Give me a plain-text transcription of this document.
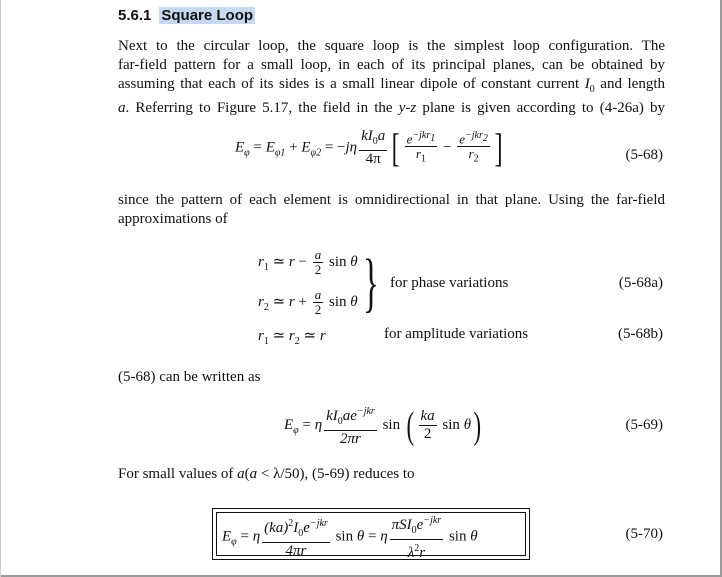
5.6.1 Square Loop
Next to the circular loop, the square loop is the simplest loop configuration. The
far-field pattern for a small loop, in each of its principal planes, can be obtained by
assuming that each of its sides is a small linear dipole of constant current $I_0$ and length
a. Referring to Figure 5.17, the field in the y-z plane is given according to (4-26a) by
$E_\varphi = E_{\varphi 1} + E_{\varphi 2} = -j\eta \frac{kI_0a}{4\pi}$ [ $\frac{e^{-jkr_1}}{r_1} - \frac{e^{-jkr_2}}{r_2}$ ]	(5-68)
since the pattern of each element is omnidirectional in that plane. Using the far-field
approximations of
$r_1$ ≃ $r - \frac{a}{2}$ sin θ
$r_2$ ≃ $r + \frac{a}{2}$ sin θ } for phase variations	(5-68a)
$r_1$ ≃ $r_2$ ≃ r	for amplitude variations	(5-68b)
(5-68) can be written as
$E_\varphi = \eta \frac{kI_0ae^{-jkr}}{2\pi r}$ sin ( $\frac{ka}{2}$ sin θ)	(5-69)
For small values of a(a < λ/50), (5-69) reduces to
$E_\varphi = \eta \frac{(ka)^2I_0e^{-jkr}}{4\pi r}$ sin θ = η $\frac{\pi SI_0e^{-jkr}}{\lambda^2r}$ sin θ	(5-70)
